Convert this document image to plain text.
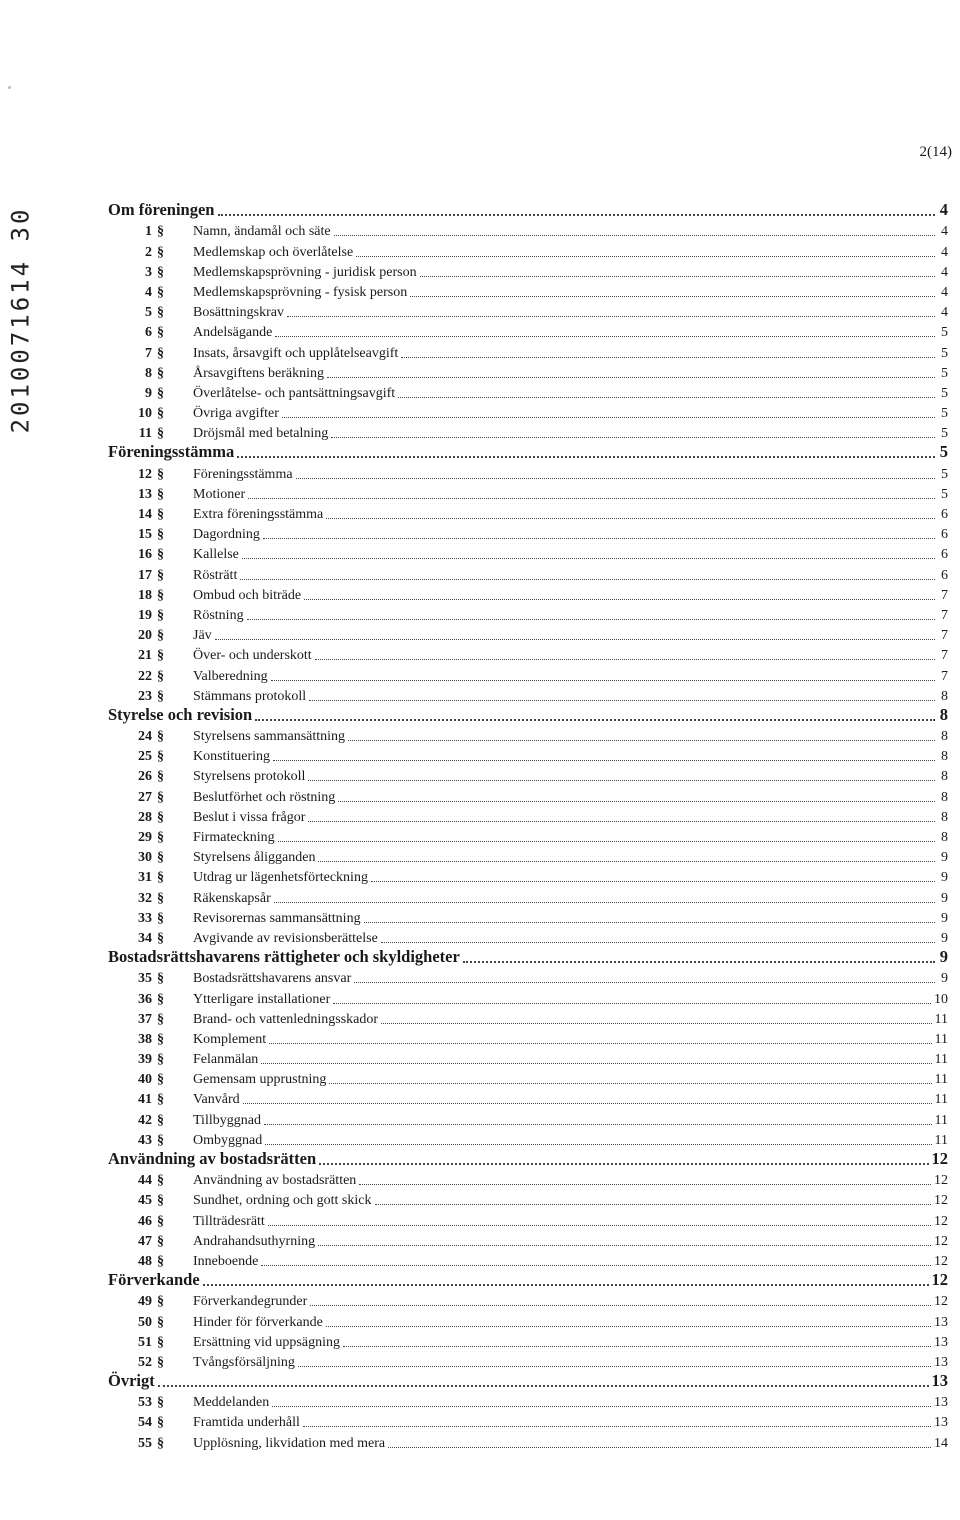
2010071614 30
2(14)
Om föreningen	4
1 §	Namn, ändamål och säte	4
2 §	Medlemskap och överlåtelse	4
3 §	Medlemskapsprövning - juridisk person	4
4 §	Medlemskapsprövning - fysisk person	4
5 §	Bosättningskrav	4
6 §	Andelsägande	5
7 §	Insats, årsavgift och upplåtelseavgift	5
8 §	Årsavgiftens beräkning	5
9 §	Överlåtelse- och pantsättningsavgift	5
10 §	Övriga avgifter	5
11 §	Dröjsmål med betalning	5
Föreningsstämma	5
12 §	Föreningsstämma	5
13 §	Motioner	5
14 §	Extra föreningsstämma	6
15 §	Dagordning	6
16 §	Kallelse	6
17 §	Rösträtt	6
18 §	Ombud och biträde	7
19 §	Röstning	7
20 §	Jäv	7
21 §	Över- och underskott	7
22 §	Valberedning	7
23 §	Stämmans protokoll	8
Styrelse och revision	8
24 §	Styrelsens sammansättning	8
25 §	Konstituering	8
26 §	Styrelsens protokoll	8
27 §	Beslutförhet och röstning	8
28 §	Beslut i vissa frågor	8
29 §	Firmateckning	8
30 §	Styrelsens åligganden	9
31 §	Utdrag ur lägenhetsförteckning	9
32 §	Räkenskapsår	9
33 §	Revisorernas sammansättning	9
34 §	Avgivande av revisionsberättelse	9
Bostadsrättshavarens rättigheter och skyldigheter	9
35 §	Bostadsrättshavarens ansvar	9
36 §	Ytterligare installationer	10
37 §	Brand- och vattenledningsskador	11
38 §	Komplement	11
39 §	Felanmälan	11
40 §	Gemensam upprustning	11
41 §	Vanvård	11
42 §	Tillbyggnad	11
43 §	Ombyggnad	11
Användning av bostadsrätten	12
44 §	Användning av bostadsrätten	12
45 §	Sundhet, ordning och gott skick	12
46 §	Tillträdesrätt	12
47 §	Andrahandsuthyrning	12
48 §	Inneboende	12
Förverkande	12
49 §	Förverkandegrunder	12
50 §	Hinder för förverkande	13
51 §	Ersättning vid uppsägning	13
52 §	Tvångsförsäljning	13
Övrigt	13
53 §	Meddelanden	13
54 §	Framtida underhåll	13
55 §	Upplösning, likvidation med mera	14
